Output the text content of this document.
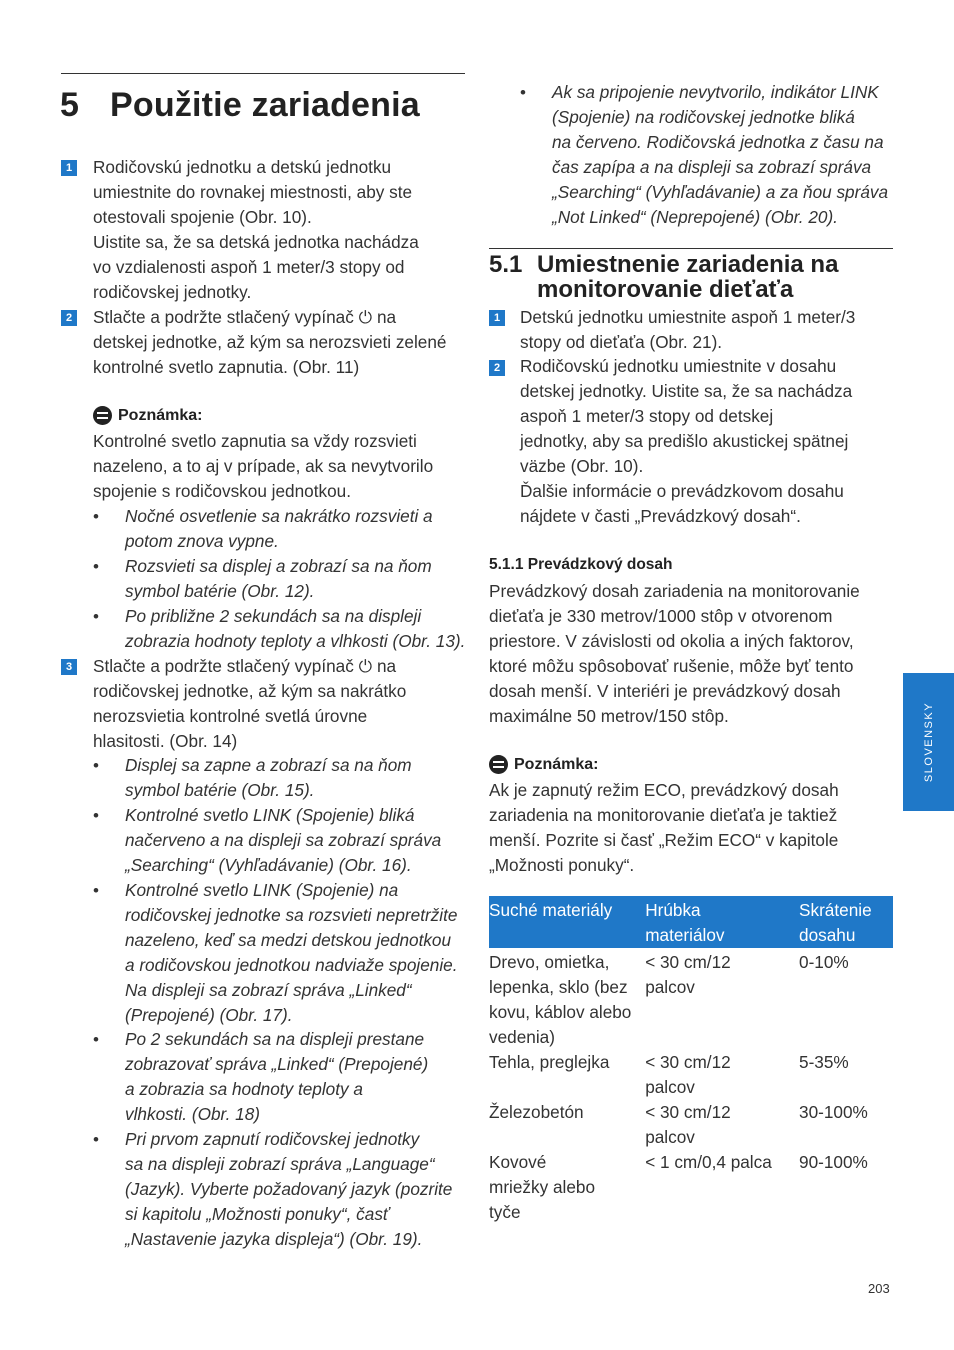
5 Použitie zariadenia
1 Rodičovskú jednotku a detskú jednotku
umiestnite do rovnakej miestnosti, aby ste
otestovali spojenie (Obr. 10).
Uistite sa, že sa detská jednotka nachádza
vo vzdialenosti aspoň 1 meter/3 stopy od
rodičovskej jednotky.
2 Stlačte a podržte stlačený vypínač ⏻ na
detskej jednotke, až kým sa nerozsvieti zelené
kontrolné svetlo zapnutia. (Obr. 11)
Poznámka:
Kontrolné svetlo zapnutia sa vždy rozsvieti
nazeleno, a to aj v prípade, ak sa nevytvorilo
spojenie s rodičovskou jednotkou.
• Nočné osvetlenie sa nakrátko rozsvieti a
potom znova vypne.
• Rozsvieti sa displej a zobrazí sa na ňom
symbol batérie (Obr. 12).
• Po približne 2 sekundách sa na displeji
zobrazia hodnoty teploty a vlhkosti (Obr. 13).
3 Stlačte a podržte stlačený vypínač ⏻ na
rodičovskej jednotke, až kým sa nakrátko
nerozsvietia kontrolné svetlá úrovne
hlasitosti. (Obr. 14)
• Displej sa zapne a zobrazí sa na ňom
symbol batérie (Obr. 15).
• Kontrolné svetlo LINK (Spojenie) bliká
načerveno a na displeji sa zobrazí správa
„Searching“ (Vyhľadávanie) (Obr. 16).
• Kontrolné svetlo LINK (Spojenie) na
rodičovskej jednotke sa rozsvieti nepretržite
nazeleno, keď sa medzi detskou jednotkou
a rodičovskou jednotkou nadviaže spojenie.
Na displeji sa zobrazí správa „Linked“
(Prepojené) (Obr. 17).
• Po 2 sekundách sa na displeji prestane
zobrazovať správa „Linked“ (Prepojené)
a zobrazia sa hodnoty teploty a
vlhkosti. (Obr. 18)
• Pri prvom zapnutí rodičovskej jednotky
sa na displeji zobrazí správa „Language“
(Jazyk). Vyberte požadovaný jazyk (pozrite
si kapitolu „Možnosti ponuky“, časť
„Nastavenie jazyka displeja“) (Obr. 19).
• Ak sa pripojenie nevytvorilo, indikátor LINK
(Spojenie) na rodičovskej jednotke bliká
na červeno. Rodičovská jednotka z času na
čas zapípa a na displeji sa zobrazí správa
„Searching“ (Vyhľadávanie) a za ňou správa
„Not Linked“ (Neprepojené) (Obr. 20).
5.1 Umiestnenie zariadenia na
monitorovanie dieťaťa
1 Detskú jednotku umiestnite aspoň 1 meter/3
stopy od dieťaťa (Obr. 21).
2 Rodičovskú jednotku umiestnite v dosahu
detskej jednotky. Uistite sa, že sa nachádza
aspoň 1 meter/3 stopy od detskej
jednotky, aby sa predišlo akustickej spätnej
väzbe (Obr. 10).
Ďalšie informácie o prevádzkovom dosahu
nájdete v časti „Prevádzkový dosah“.
5.1.1 Prevádzkový dosah
Prevádzkový dosah zariadenia na monitorovanie
dieťaťa je 330 metrov/1000 stôp v otvorenom
priestore. V závislosti od okolia a iných faktorov,
ktoré môžu spôsobovať rušenie, môže byť tento
dosah menší. V interiéri je prevádzkový dosah
maximálne 50 metrov/150 stôp.
Poznámka:
Ak je zapnutý režim ECO, prevádzkový dosah
zariadenia na monitorovanie dieťaťa je taktiež
menší. Pozrite si časť „Režim ECO“ v kapitole
„Možnosti ponuky“.
Suché materiály	Hrúbka materiálov	Skrátenie dosahu
Drevo, omietka, lepenka, sklo (bez kovu, káblov alebo vedenia)	< 30 cm/12 palcov	0-10%
Tehla, preglejka	< 30 cm/12 palcov	5-35%
Železobetón	< 30 cm/12 palcov	30-100%
Kovové mriežky alebo tyče	< 1 cm/0,4 palca	90-100%
SLOVENSKY
203
